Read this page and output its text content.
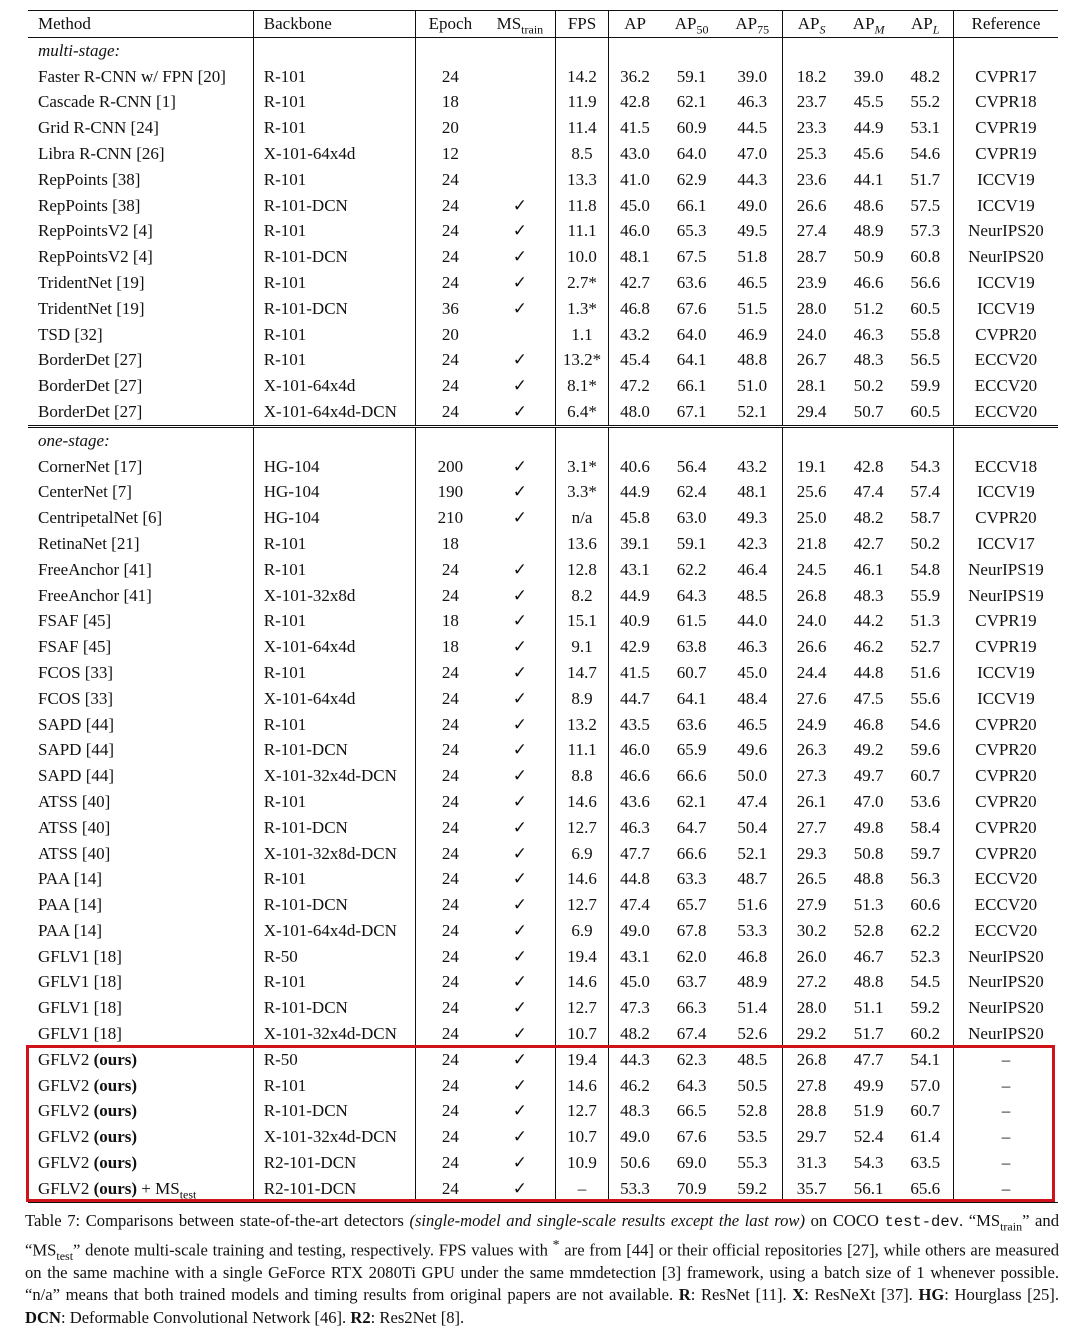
Method	Backbone	Epoch	$MS_{train}$	FPS	AP	$AP_{50}$	$AP_{75}$	$AP_S$	$AP_M$	$AP_L$	Reference
multi-stage:											
Faster R-CNN w/ FPN [20]	R-101	24		14.2	36.2	59.1	39.0	18.2	39.0	48.2	CVPR17
Cascade R-CNN [1]	R-101	18		11.9	42.8	62.1	46.3	23.7	45.5	55.2	CVPR18
Grid R-CNN [24]	R-101	20		11.4	41.5	60.9	44.5	23.3	44.9	53.1	CVPR19
Libra R-CNN [26]	X-101-64x4d	12		8.5	43.0	64.0	47.0	25.3	45.6	54.6	CVPR19
RepPoints [38]	R-101	24		13.3	41.0	62.9	44.3	23.6	44.1	51.7	ICCV19
RepPoints [38]	R-101-DCN	24	✓	11.8	45.0	66.1	49.0	26.6	48.6	57.5	ICCV19
RepPointsV2 [4]	R-101	24	✓	11.1	46.0	65.3	49.5	27.4	48.9	57.3	NeurIPS20
RepPointsV2 [4]	R-101-DCN	24	✓	10.0	48.1	67.5	51.8	28.7	50.9	60.8	NeurIPS20
TridentNet [19]	R-101	24	✓	2.7*	42.7	63.6	46.5	23.9	46.6	56.6	ICCV19
TridentNet [19]	R-101-DCN	36	✓	1.3*	46.8	67.6	51.5	28.0	51.2	60.5	ICCV19
TSD [32]	R-101	20		1.1	43.2	64.0	46.9	24.0	46.3	55.8	CVPR20
BorderDet [27]	R-101	24	✓	13.2*	45.4	64.1	48.8	26.7	48.3	56.5	ECCV20
BorderDet [27]	X-101-64x4d	24	✓	8.1*	47.2	66.1	51.0	28.1	50.2	59.9	ECCV20
BorderDet [27]	X-101-64x4d-DCN	24	✓	6.4*	48.0	67.1	52.1	29.4	50.7	60.5	ECCV20
one-stage:											
CornerNet [17]	HG-104	200	✓	3.1*	40.6	56.4	43.2	19.1	42.8	54.3	ECCV18
CenterNet [7]	HG-104	190	✓	3.3*	44.9	62.4	48.1	25.6	47.4	57.4	ICCV19
CentripetalNet [6]	HG-104	210	✓	n/a	45.8	63.0	49.3	25.0	48.2	58.7	CVPR20
RetinaNet [21]	R-101	18		13.6	39.1	59.1	42.3	21.8	42.7	50.2	ICCV17
FreeAnchor [41]	R-101	24	✓	12.8	43.1	62.2	46.4	24.5	46.1	54.8	NeurIPS19
FreeAnchor [41]	X-101-32x8d	24	✓	8.2	44.9	64.3	48.5	26.8	48.3	55.9	NeurIPS19
FSAF [45]	R-101	18	✓	15.1	40.9	61.5	44.0	24.0	44.2	51.3	CVPR19
FSAF [45]	X-101-64x4d	18	✓	9.1	42.9	63.8	46.3	26.6	46.2	52.7	CVPR19
FCOS [33]	R-101	24	✓	14.7	41.5	60.7	45.0	24.4	44.8	51.6	ICCV19
FCOS [33]	X-101-64x4d	24	✓	8.9	44.7	64.1	48.4	27.6	47.5	55.6	ICCV19
SAPD [44]	R-101	24	✓	13.2	43.5	63.6	46.5	24.9	46.8	54.6	CVPR20
SAPD [44]	R-101-DCN	24	✓	11.1	46.0	65.9	49.6	26.3	49.2	59.6	CVPR20
SAPD [44]	X-101-32x4d-DCN	24	✓	8.8	46.6	66.6	50.0	27.3	49.7	60.7	CVPR20
ATSS [40]	R-101	24	✓	14.6	43.6	62.1	47.4	26.1	47.0	53.6	CVPR20
ATSS [40]	R-101-DCN	24	✓	12.7	46.3	64.7	50.4	27.7	49.8	58.4	CVPR20
ATSS [40]	X-101-32x8d-DCN	24	✓	6.9	47.7	66.6	52.1	29.3	50.8	59.7	CVPR20
PAA [14]	R-101	24	✓	14.6	44.8	63.3	48.7	26.5	48.8	56.3	ECCV20
PAA [14]	R-101-DCN	24	✓	12.7	47.4	65.7	51.6	27.9	51.3	60.6	ECCV20
PAA [14]	X-101-64x4d-DCN	24	✓	6.9	49.0	67.8	53.3	30.2	52.8	62.2	ECCV20
GFLV1 [18]	R-50	24	✓	19.4	43.1	62.0	46.8	26.0	46.7	52.3	NeurIPS20
GFLV1 [18]	R-101	24	✓	14.6	45.0	63.7	48.9	27.2	48.8	54.5	NeurIPS20
GFLV1 [18]	R-101-DCN	24	✓	12.7	47.3	66.3	51.4	28.0	51.1	59.2	NeurIPS20
GFLV1 [18]	X-101-32x4d-DCN	24	✓	10.7	48.2	67.4	52.6	29.2	51.7	60.2	NeurIPS20
GFLV2 (ours)	R-50	24	✓	19.4	44.3	62.3	48.5	26.8	47.7	54.1	–
GFLV2 (ours)	R-101	24	✓	14.6	46.2	64.3	50.5	27.8	49.9	57.0	–
GFLV2 (ours)	R-101-DCN	24	✓	12.7	48.3	66.5	52.8	28.8	51.9	60.7	–
GFLV2 (ours)	X-101-32x4d-DCN	24	✓	10.7	49.0	67.6	53.5	29.7	52.4	61.4	–
GFLV2 (ours)	R2-101-DCN	24	✓	10.9	50.6	69.0	55.3	31.3	54.3	63.5	–
GFLV2 (ours) + $MS_{test}$	R2-101-DCN	24	✓	–	53.3	70.9	59.2	35.7	56.1	65.6	–
Table 7: Comparisons between state-of-the-art detectors (single-model and single-scale results except the last row) on COCO test-dev. “$MS_{train}$” and “$MS_{test}$” denote multi-scale training and testing, respectively. FPS values with * are from [44] or their official repositories [27], while others are measured on the same machine with a single GeForce RTX 2080Ti GPU under the same mmdetection [3] framework, using a batch size of 1 whenever possible. “n/a” means that both trained models and timing results from original papers are not available. R: ResNet [11]. X: ResNeXt [37]. HG: Hourglass [25]. DCN: Deformable Convolutional Network [46]. R2: Res2Net [8].
